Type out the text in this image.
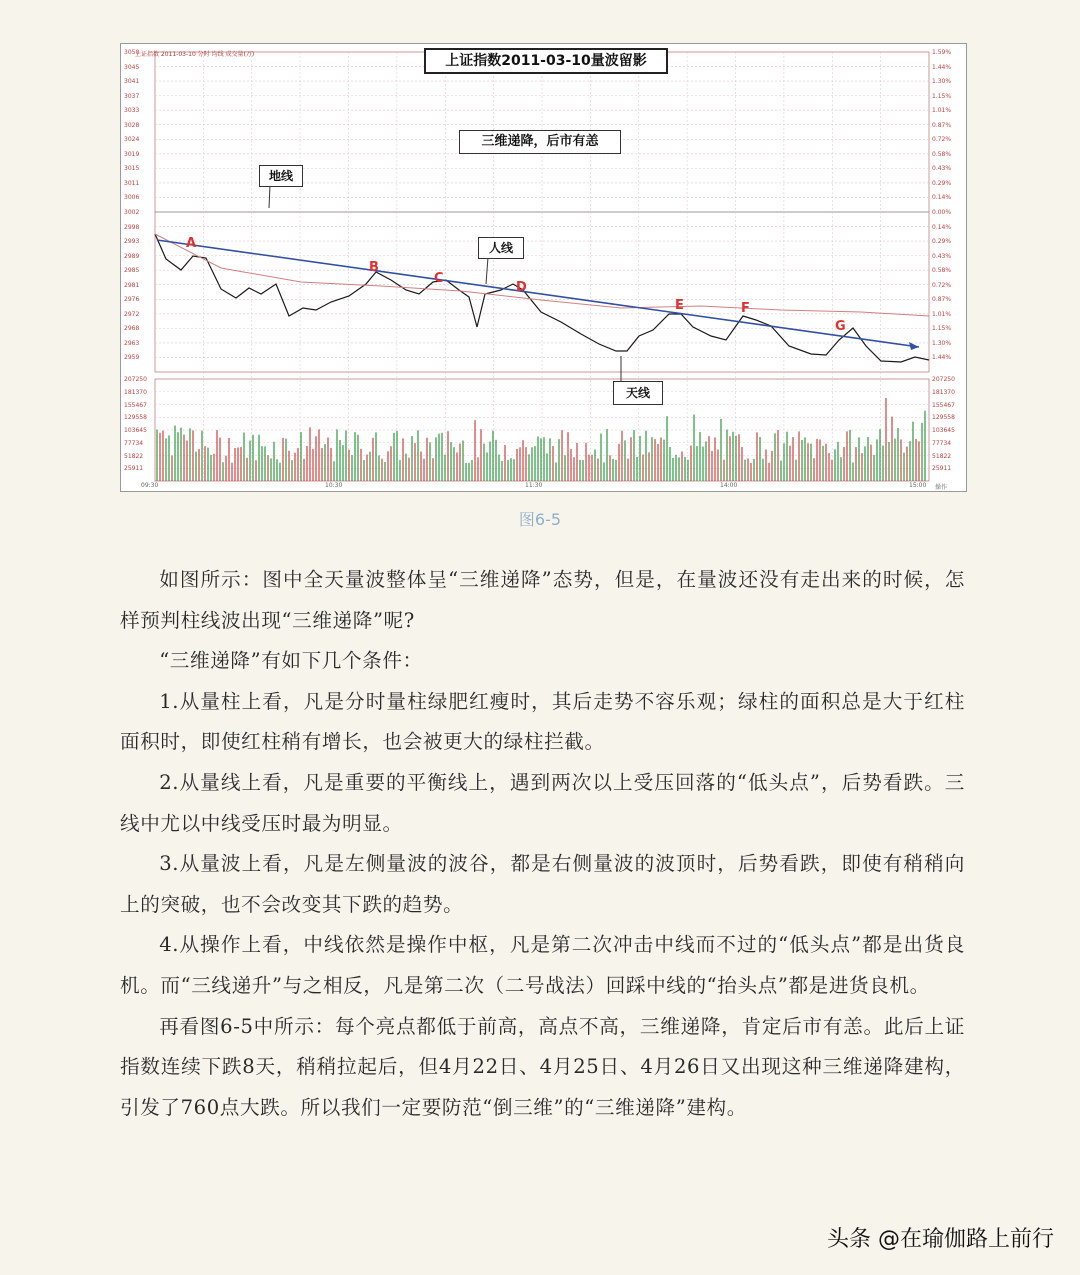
上证指数 2011-03-10 分时 均线 成交量(万)	上证指数2011-03-10量波留影
三维递降，后市有恙
地线
人线
天线
A
B
C
D
E	F
G
3050
3045
3041
3037
3033
3028
3024
3019
3015
3011
3006
3002
2998
2993
2989
2985
2981
2976
2972
2968
2963
2959
207250
181370
155467
129558
103645
77734
51822
25911
1.59%
1.44%
1.30%
1.15%
1.01%
0.87%
0.72%
0.58%
0.43%
0.29%
0.14%
0.00%
0.14%
0.29%
0.43%
0.58%
0.72%
0.87%
1.01%
1.15%
1.30%
1.44%
207250
181370
155467
129558
103645
77734
51822
25911
09:30	10:30	11:30	14:00	15:00 操作
图6-5

如图所示：图中全天量波整体呈“三维递降”态势，但是，在量波还没有走出来的时候，怎样预判柱线波出现“三维递降”呢?

“三维递降”有如下几个条件：

1.从量柱上看，凡是分时量柱绿肥红瘦时，其后走势不容乐观；绿柱的面积总是大于红柱面积时，即使红柱稍有增长，也会被更大的绿柱拦截。

2.从量线上看，凡是重要的平衡线上，遇到两次以上受压回落的“低头点”，后势看跌。三线中尤以中线受压时最为明显。

3.从量波上看，凡是左侧量波的波谷，都是右侧量波的波顶时，后势看跌，即使有稍稍向上的突破，也不会改变其下跌的趋势。

4.从操作上看，中线依然是操作中枢，凡是第二次冲击中线而不过的“低头点”都是出货良机。而“三线递升”与之相反，凡是第二次（二号战法）回踩中线的“抬头点”都是进货良机。

再看图6-5中所示：每个亮点都低于前高，高点不高，三维递降，肯定后市有恙。此后上证指数连续下跌8天，稍稍拉起后，但4月22日、4月25日、4月26日又出现这种三维递降建构，引发了760点大跌。所以我们一定要防范“倒三维”的“三维递降”建构。

头条 @在瑜伽路上前行
